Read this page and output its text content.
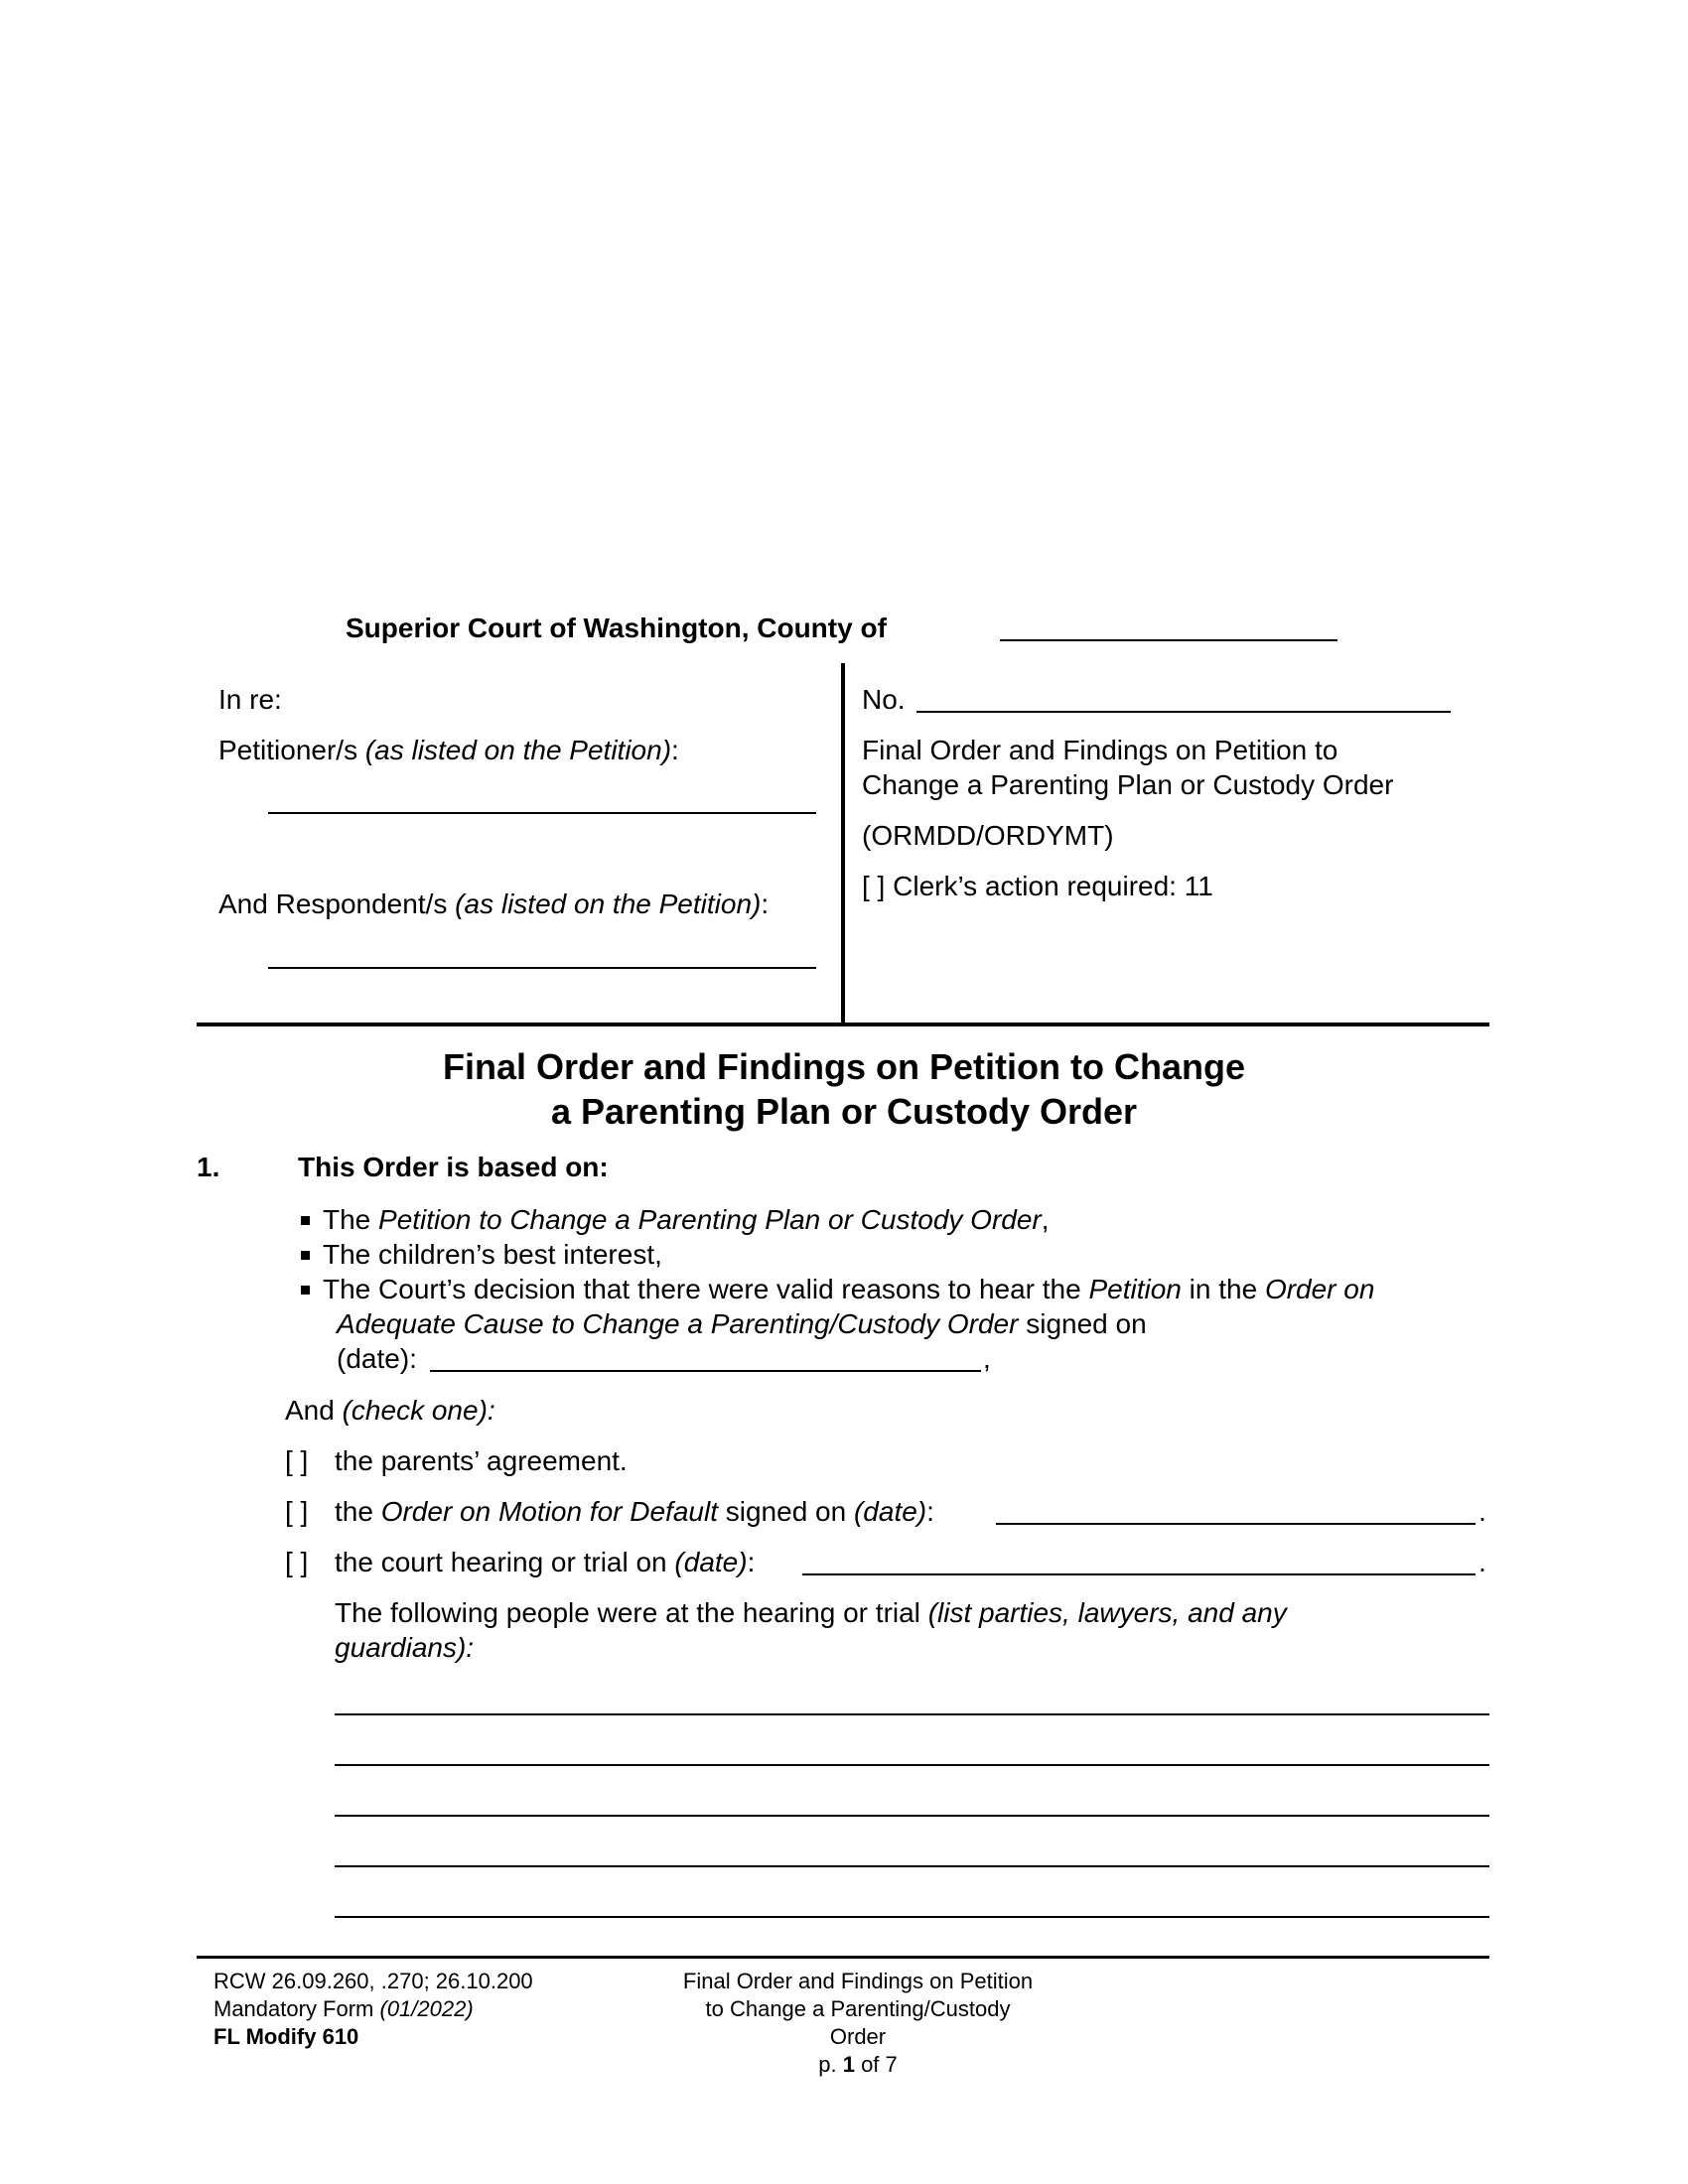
Superior Court of Washington, County of
In re:
Petitioner/s (as listed on the Petition):
And Respondent/s (as listed on the Petition):
No.
Final Order and Findings on Petition to
Change a Parenting Plan or Custody Order
(ORMDD/ORDYMT)
[ ] Clerk’s action required: 11
Final Order and Findings on Petition to Change
a Parenting Plan or Custody Order
1.	This Order is based on:
The Petition to Change a Parenting Plan or Custody Order,
The children’s best interest,
The Court’s decision that there were valid reasons to hear the Petition in the Order on
Adequate Cause to Change a Parenting/Custody Order signed on
(date):	,
And (check one):
[ ] the parents’ agreement.
[ ] the Order on Motion for Default signed on (date):	.
[ ] the court hearing or trial on (date):	.
The following people were at the hearing or trial (list parties, lawyers, and any
guardians):
RCW 26.09.260, .270; 26.10.200
Mandatory Form (01/2022)
FL Modify 610
Final Order and Findings on Petition
to Change a Parenting/Custody
Order
p. 1 of 7
